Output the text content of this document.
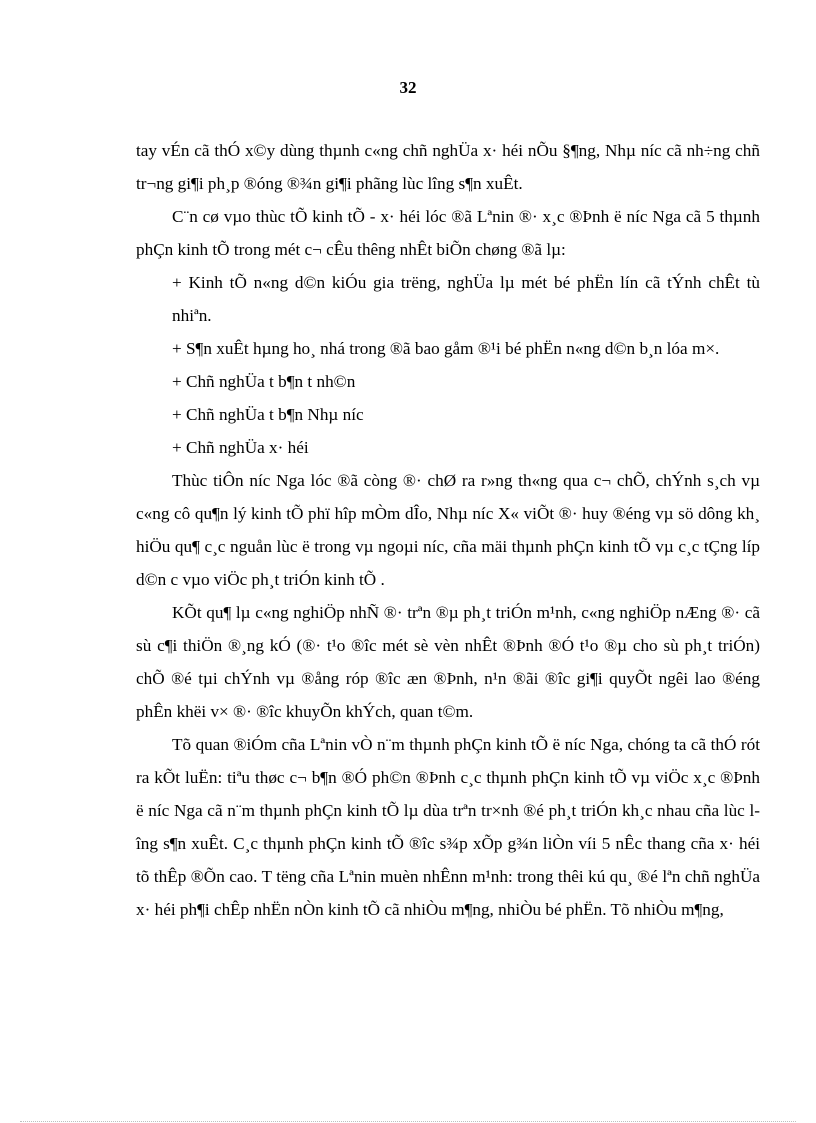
32

tay vÉn cã thÓ x©y dùng thµnh c«ng chñ nghÜa x· héi nÕu §¶ng, Nhµ níc cã nh÷ng chñ tr¬ng gi¶i ph¸p ®óng ®¾n gi¶i phãng lùc lîng s¶n xuÊt.

C¨n cø vµo thùc tÕ kinh tÕ - x· héi lóc ®ã Lªnin ®· x¸c ®Þnh ë níc Nga cã 5 thµnh phÇn kinh tÕ trong mét c¬ cÊu thêng nhÊt biÕn chøng ®ã lµ:

+ Kinh tÕ n«ng d©n kiÓu gia trëng, nghÜa lµ mét bé phËn lín cã tÝnh chÊt tù nhiªn.

+ S¶n xuÊt hµng ho¸ nhá trong ®ã bao gåm ®¹i bé phËn n«ng d©n b¸n lóa m×.

+ Chñ nghÜa t b¶n t nh©n

+ Chñ nghÜa t b¶n Nhµ níc

+ Chñ nghÜa x· héi

Thùc tiÔn níc Nga lóc ®ã còng ®· chØ ra r»ng th«ng qua c¬ chÕ, chÝnh s¸ch vµ c«ng cô qu¶n lý kinh tÕ phï hîp mÒm dÎo, Nhµ níc X« viÕt ®· huy ®éng vµ sö dông kh¸ hiÖu qu¶ c¸c nguån lùc ë trong vµ ngoµi níc, cña mäi thµnh phÇn kinh tÕ vµ c¸c tÇng líp d©n c vµo viÖc ph¸t triÓn kinh tÕ .

KÕt qu¶ lµ c«ng nghiÖp nhÑ ®· trªn ®µ ph¸t triÓn m¹nh, c«ng nghiÖp nÆng ®· cã sù c¶i thiÖn ®¸ng kÓ (®· t¹o ®îc mét sè vèn nhÊt ®Þnh ®Ó t¹o ®µ cho sù ph¸t triÓn) chÕ ®é tµi chÝnh vµ ®ång róp ®îc æn ®Þnh, n¹n ®ãi ®îc gi¶i quyÕt ngêi lao ®éng phÊn khëi v× ®· ®îc khuyÕn khÝch, quan t©m.

Tõ quan ®iÓm cña Lªnin vÒ n¨m thµnh phÇn kinh tÕ ë níc Nga, chóng ta cã thÓ rót ra kÕt luËn: tiªu thøc c¬ b¶n ®Ó ph©n ®Þnh c¸c thµnh phÇn kinh tÕ vµ viÖc x¸c ®Þnh ë níc Nga cã n¨m thµnh phÇn kinh tÕ lµ dùa trªn tr×nh ®é ph¸t triÓn kh¸c nhau cña lùc lîng s¶n xuÊt. C¸c thµnh phÇn kinh tÕ ®îc s¾p xÕp g¾n liÒn víi 5 nÊc thang cña x· héi tõ thÊp ®Õn cao. T tëng cña Lªnin muèn nhÊnn m¹nh: trong thêi kú qu¸ ®é lªn chñ nghÜa x· héi ph¶i chÊp nhËn nÒn kinh tÕ cã nhiÒu m¶ng, nhiÒu bé phËn. Tõ nhiÒu m¶ng,
